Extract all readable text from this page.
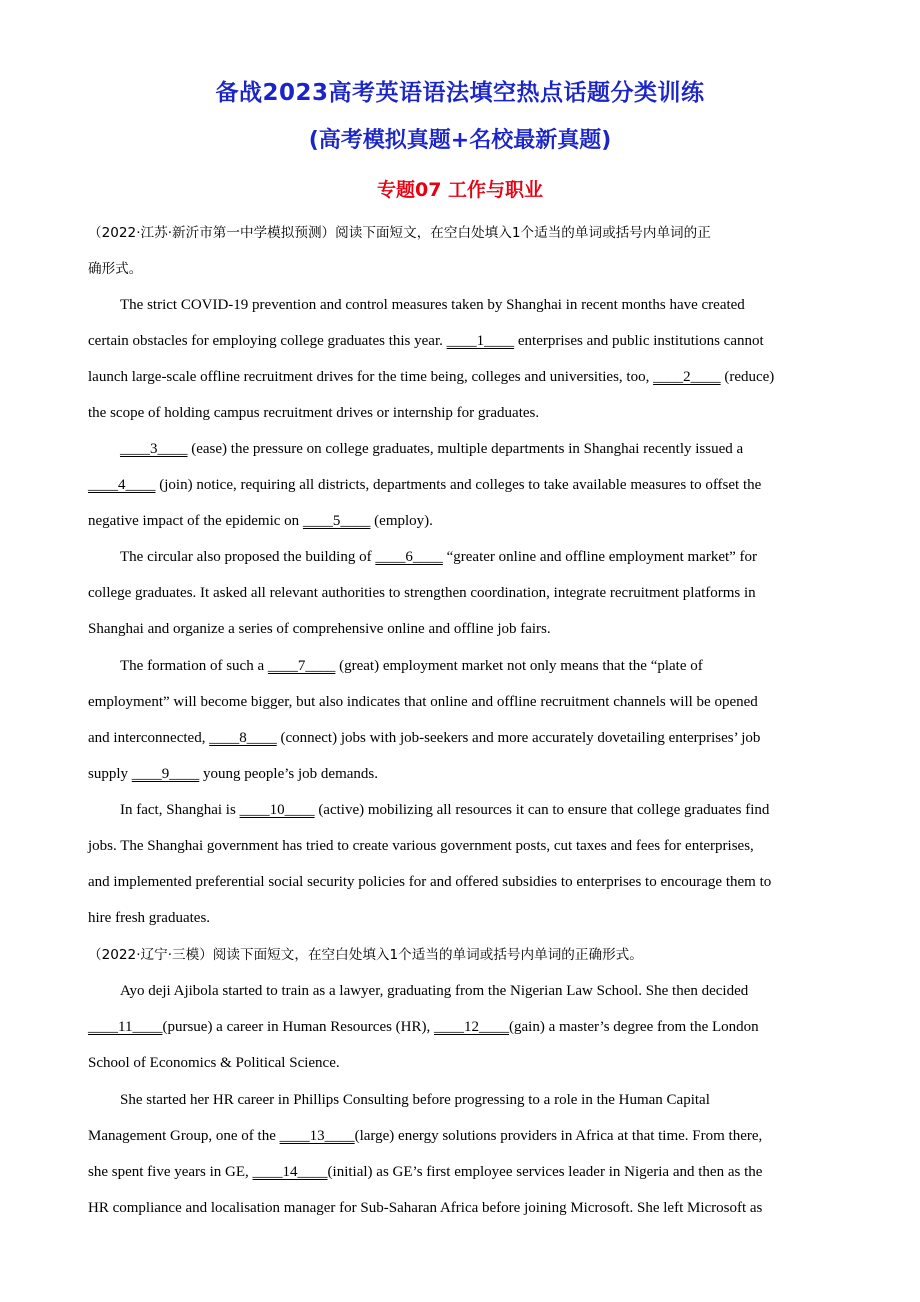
备战2023高考英语语法填空热点话题分类训练
(高考模拟真题+名校最新真题)
专题07 工作与职业
（2022·江苏·新沂市第一中学模拟预测）阅读下面短文，在空白处填入1个适当的单词或括号内单词的正
确形式。
The strict COVID-19 prevention and control measures taken by Shanghai in recent months have created
certain obstacles for employing college graduates this year. ____1____ enterprises and public institutions cannot
launch large-scale offline recruitment drives for the time being, colleges and universities, too, ____2____ (reduce)
the scope of holding campus recruitment drives or internship for graduates.
____3____ (ease) the pressure on college graduates, multiple departments in Shanghai recently issued a
____4____ (join) notice, requiring all districts, departments and colleges to take available measures to offset the
negative impact of the epidemic on ____5____ (employ).
The circular also proposed the building of ____6____ “greater online and offline employment market” for
college graduates. It asked all relevant authorities to strengthen coordination, integrate recruitment platforms in
Shanghai and organize a series of comprehensive online and offline job fairs.
The formation of such a ____7____ (great) employment market not only means that the “plate of
employment” will become bigger, but also indicates that online and offline recruitment channels will be opened
and interconnected, ____8____ (connect) jobs with job-seekers and more accurately dovetailing enterprises’ job
supply ____9____ young people’s job demands.
In fact, Shanghai is ____10____ (active) mobilizing all resources it can to ensure that college graduates find
jobs. The Shanghai government has tried to create various government posts, cut taxes and fees for enterprises,
and implemented preferential social security policies for and offered subsidies to enterprises to encourage them to
hire fresh graduates.
（2022·辽宁·三模）阅读下面短文，在空白处填入1个适当的单词或括号内单词的正确形式。
Ayo deji Ajibola started to train as a lawyer, graduating from the Nigerian Law School. She then decided
____11____(pursue) a career in Human Resources (HR), ____12____(gain) a master’s degree from the London
School of Economics & Political Science.
She started her HR career in Phillips Consulting before progressing to a role in the Human Capital
Management Group, one of the ____13____(large) energy solutions providers in Africa at that time. From there,
she spent five years in GE, ____14____(initial) as GE’s first employee services leader in Nigeria and then as the
HR compliance and localisation manager for Sub-Saharan Africa before joining Microsoft. She left Microsoft as
